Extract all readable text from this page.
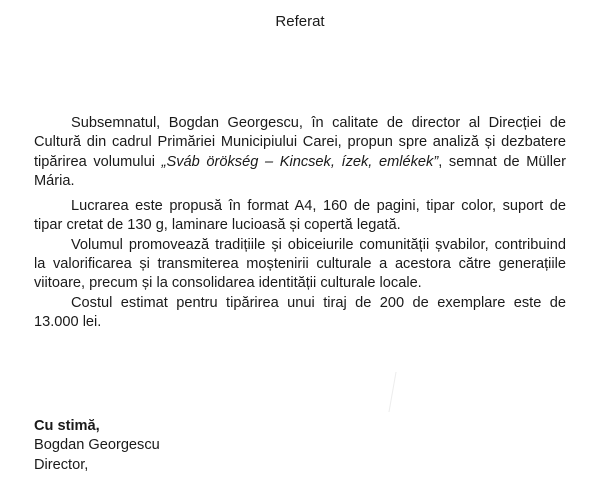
Referat

Subsemnatul, Bogdan Georgescu, în calitate de director al Direcției de Cultură din cadrul Primăriei Municipiului Carei, propun spre analiză și dezbatere tipărirea volumului „Sváb örökség – Kincsek, ízek, emlékek”, semnat de Müller Mária.

Lucrarea este propusă în format A4, 160 de pagini, tipar color, suport de tipar cretat de 130 g, laminare lucioasă și copertă legată.

Volumul promovează tradițiile și obiceiurile comunității șvabilor, contribuind la valorificarea și transmiterea moștenirii culturale a acestora către generațiile viitoare, precum și la consolidarea identității culturale locale.

Costul estimat pentru tipărirea unui tiraj de 200 de exemplare este de 13.000 lei.

Cu stimă,
Bogdan Georgescu
Director,
